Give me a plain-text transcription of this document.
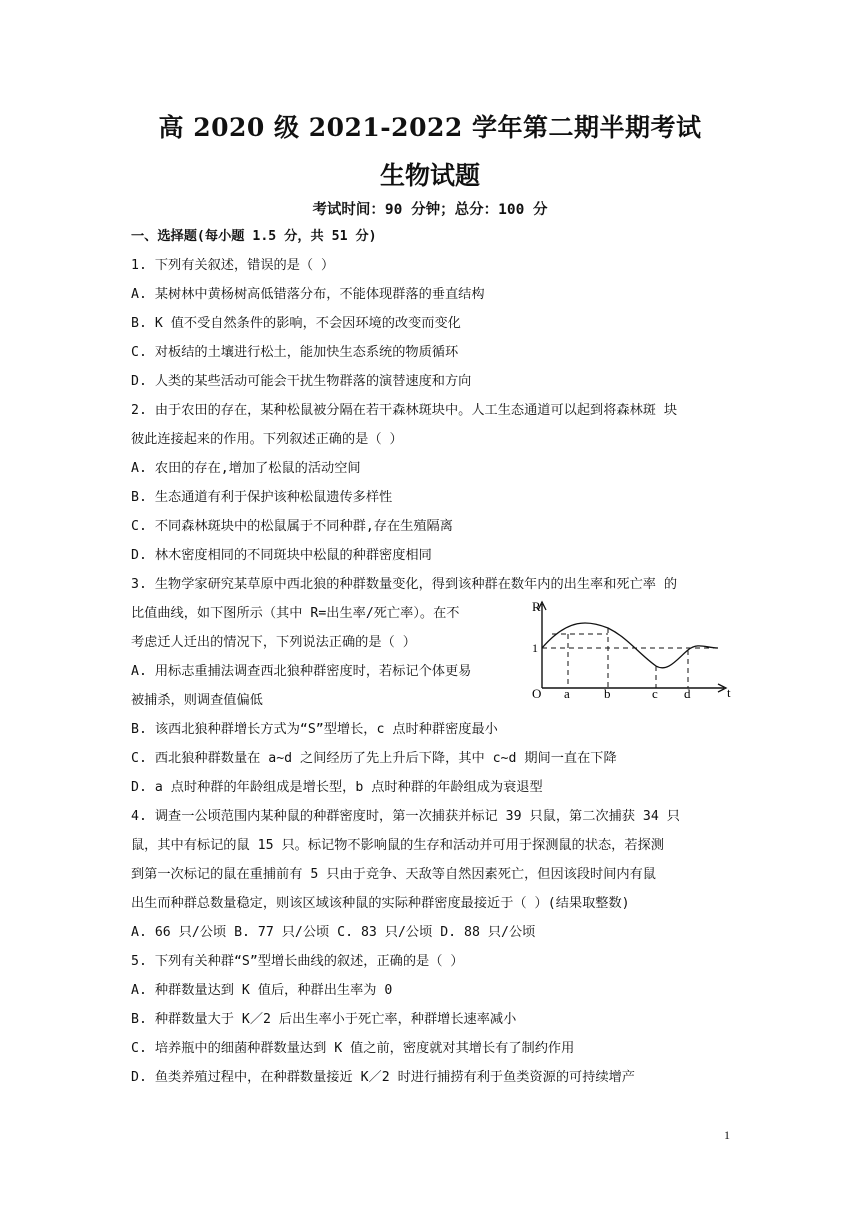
高 2020 级 2021-2022 学年第二期半期考试
生物试题
考试时间：90 分钟；总分：100 分
一、选择题(每小题 1.5 分，共 51 分)
1. 下列有关叙述，错误的是（ ）
A. 某树林中黄杨树高低错落分布，不能体现群落的垂直结构
B. K 值不受自然条件的影响，不会因环境的改变而变化
C. 对板结的土壤进行松土，能加快生态系统的物质循环
D. 人类的某些活动可能会干扰生物群落的演替速度和方向
2. 由于农田的存在，某种松鼠被分隔在若干森林斑块中。人工生态通道可以起到将森林斑 块
彼此连接起来的作用。下列叙述正确的是（ ）
A. 农田的存在,增加了松鼠的活动空间
B. 生态通道有利于保护该种松鼠遗传多样性
C. 不同森林斑块中的松鼠属于不同种群,存在生殖隔离
D. 林木密度相同的不同斑块中松鼠的种群密度相同
3. 生物学家研究某草原中西北狼的种群数量变化，得到该种群在数年内的出生率和死亡率 的
比值曲线，如下图所示（其中 R=出生率/死亡率）。在不
考虑迁人迁出的情况下，下列说法正确的是（ ）
A. 用标志重捕法调查西北狼种群密度时，若标记个体更易
被捕杀，则调查值偏低
B. 该西北狼种群增长方式为“S”型增长，c 点时种群密度最小
C. 西北狼种群数量在 a~d 之间经历了先上升后下降，其中 c~d 期间一直在下降
D. a 点时种群的年龄组成是增长型，b 点时种群的年龄组成为衰退型
4. 调查一公顷范围内某种鼠的种群密度时，第一次捕获并标记 39 只鼠，第二次捕获 34 只
鼠，其中有标记的鼠 15 只。标记物不影响鼠的生存和活动并可用于探测鼠的状态，若探测
到第一次标记的鼠在重捕前有 5 只由于竞争、天敌等自然因素死亡，但因该段时间内有鼠
出生而种群总数量稳定，则该区域该种鼠的实际种群密度最接近于（ ）(结果取整数)
A. 66 只/公顷 B. 77 只/公顷 C. 83 只/公顷 D. 88 只/公顷
5. 下列有关种群“S”型增长曲线的叙述，正确的是（ ）
A. 种群数量达到 K 值后，种群出生率为 0
B. 种群数量大于 K／2 后出生率小于死亡率，种群增长速率减小
C. 培养瓶中的细菌种群数量达到 K 值之前，密度就对其增长有了制约作用
D. 鱼类养殖过程中，在种群数量接近 K／2 时进行捕捞有利于鱼类资源的可持续增产
R
1
O a	b	c d	t
1
